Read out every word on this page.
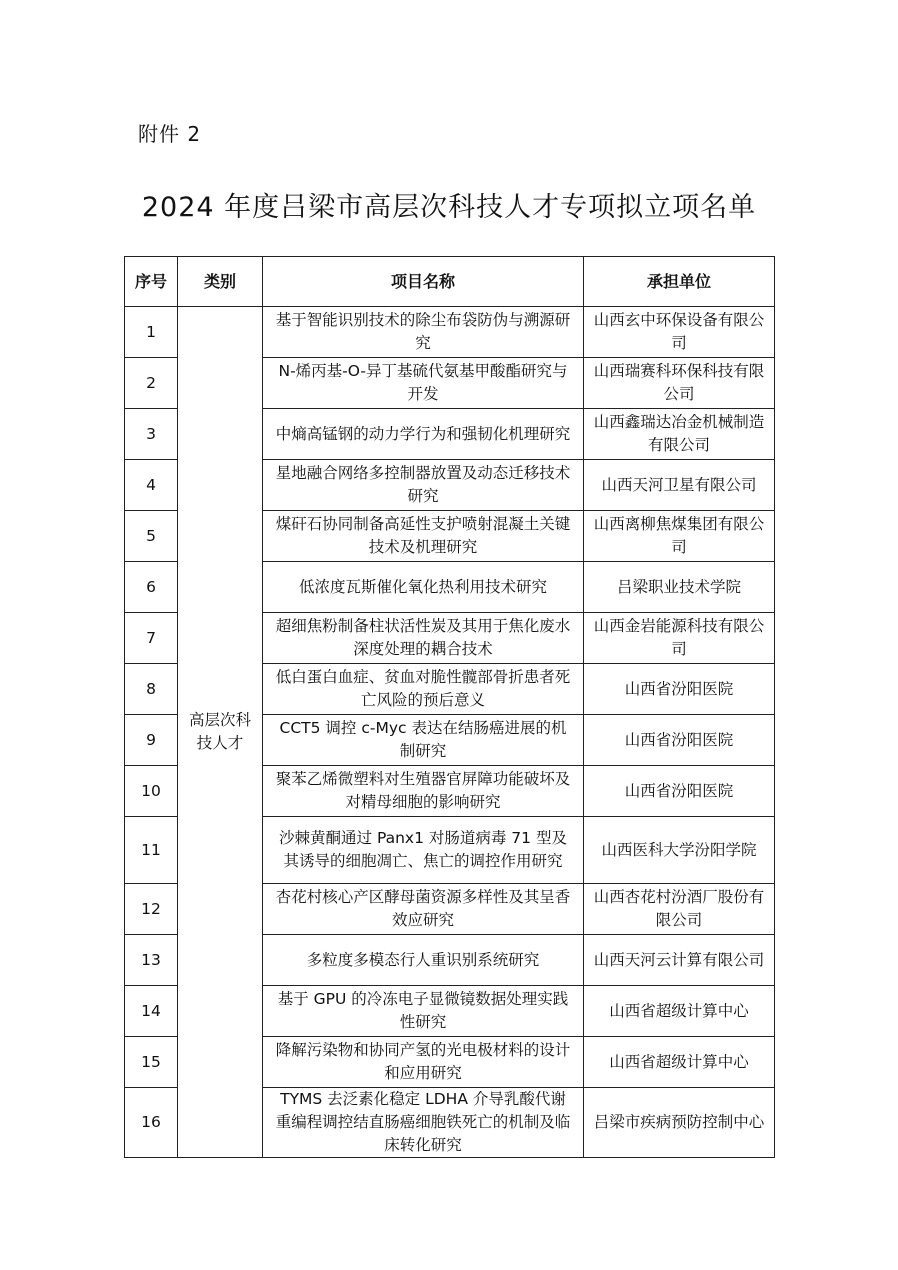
附件 2
2024 年度吕梁市高层次科技人才专项拟立项名单
序号	类别	项目名称	承担单位
1	高层次科技人才	基于智能识别技术的除尘布袋防伪与溯源研究	山西玄中环保设备有限公司
2		N-烯丙基-O-异丁基硫代氨基甲酸酯研究与开发	山西瑞赛科环保科技有限公司
3		中熵高锰钢的动力学行为和强韧化机理研究	山西鑫瑞达冶金机械制造有限公司
4		星地融合网络多控制器放置及动态迁移技术研究	山西天河卫星有限公司
5		煤矸石协同制备高延性支护喷射混凝土关键技术及机理研究	山西离柳焦煤集团有限公司
6		低浓度瓦斯催化氧化热利用技术研究	吕梁职业技术学院
7		超细焦粉制备柱状活性炭及其用于焦化废水深度处理的耦合技术	山西金岩能源科技有限公司
8		低白蛋白血症、贫血对脆性髋部骨折患者死亡风险的预后意义	山西省汾阳医院
9		CCT5 调控 c-Myc 表达在结肠癌进展的机制研究	山西省汾阳医院
10		聚苯乙烯微塑料对生殖器官屏障功能破坏及对精母细胞的影响研究	山西省汾阳医院
11		沙棘黄酮通过 Panx1 对肠道病毒 71 型及其诱导的细胞凋亡、焦亡的调控作用研究	山西医科大学汾阳学院
12		杏花村核心产区酵母菌资源多样性及其呈香效应研究	山西杏花村汾酒厂股份有限公司
13		多粒度多模态行人重识别系统研究	山西天河云计算有限公司
14		基于 GPU 的冷冻电子显微镜数据处理实践性研究	山西省超级计算中心
15		降解污染物和协同产氢的光电极材料的设计和应用研究	山西省超级计算中心
16		TYMS 去泛素化稳定 LDHA 介导乳酸代谢重编程调控结直肠癌细胞铁死亡的机制及临床转化研究	吕梁市疾病预防控制中心
